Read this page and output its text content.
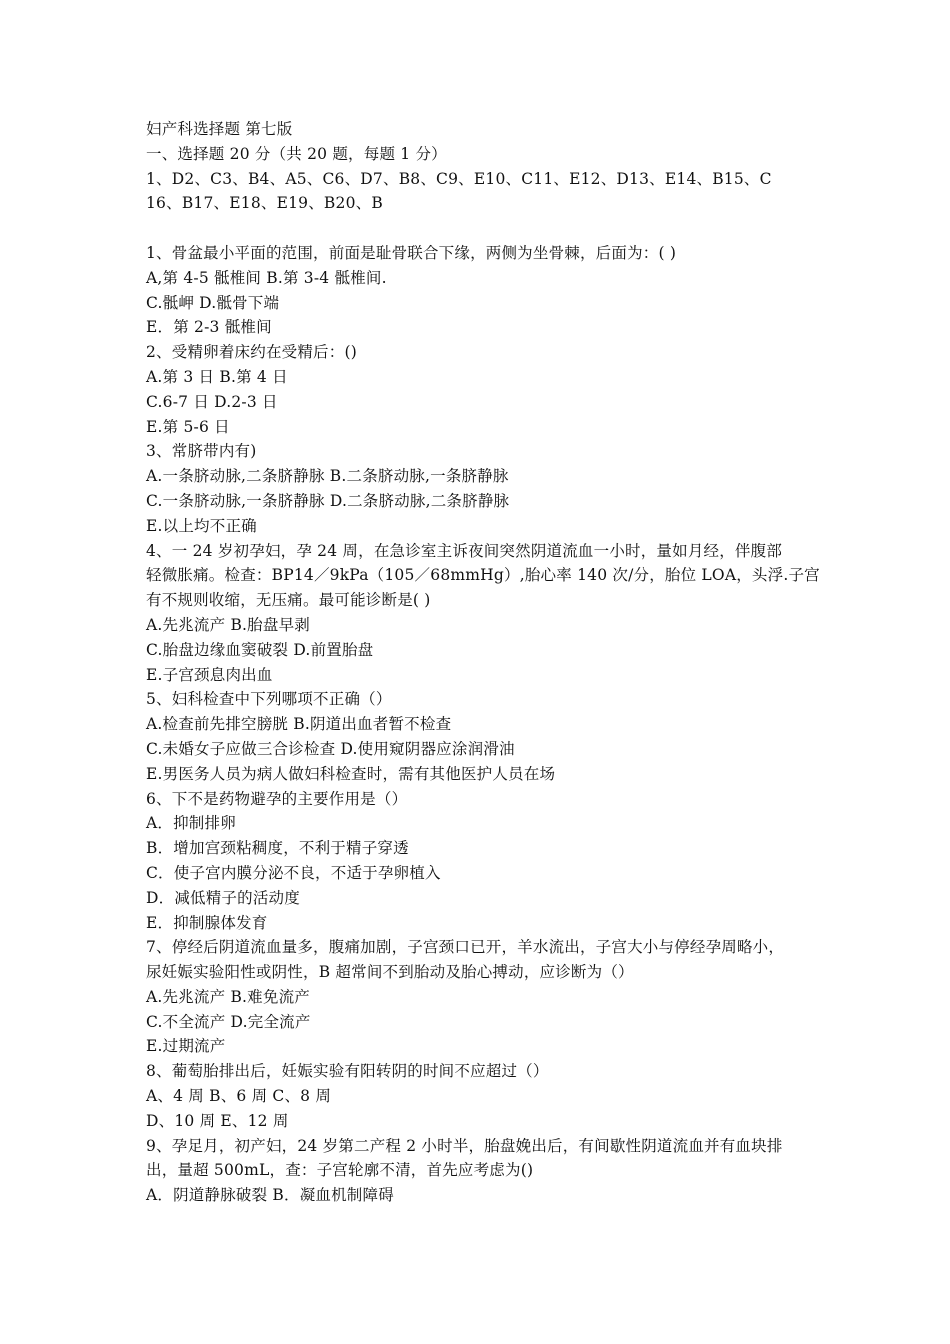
妇产科选择题 第七版
一、选择题 20 分（共 20 题，每题 1 分）
1、D2、C3、B4、A5、C6、D7、B8、C9、E10、C11、E12、D13、E14、B15、C
16、B17、E18、E19、B20、B
1、骨盆最小平面的范围，前面是耻骨联合下缘，两侧为坐骨棘，后面为：( )
A,第 4-5 骶椎间 B.第 3-4 骶椎间.
C.骶岬 D.骶骨下端
E．第 2-3 骶椎间
2、受精卵着床约在受精后：()
A.第 3 日 B.第 4 日
C.6-7 日 D.2-3 日
E.第 5-6 日
3、常脐带内有)
A.一条脐动脉,二条脐静脉 B.二条脐动脉,一条脐静脉
C.一条脐动脉,一条脐静脉 D.二条脐动脉,二条脐静脉
E.以上均不正确
4、一 24 岁初孕妇，孕 24 周，在急诊室主诉夜间突然阴道流血一小时，量如月经，伴腹部
轻微胀痛。检查：BP14／9kPa（105／68mmHg）,胎心率 140 次/分，胎位 LOA，头浮.子宫
有不规则收缩，无压痛。最可能诊断是( )
A.先兆流产 B.胎盘早剥
C.胎盘边缘血窦破裂 D.前置胎盘
E.子宫颈息肉出血
5、妇科检查中下列哪项不正确（）
A.检查前先排空膀胱 B.阴道出血者暂不检查
C.未婚女子应做三合诊检查 D.使用窥阴器应涂润滑油
E.男医务人员为病人做妇科检查时，需有其他医护人员在场
6、下不是药物避孕的主要作用是（）
A．抑制排卵
B．增加宫颈粘稠度，不利于精子穿透
C．使子宫内膜分泌不良，不适于孕卵植入
D．减低精子的活动度
E．抑制腺体发育
7、停经后阴道流血量多，腹痛加剧，子宫颈口已开，羊水流出，子宫大小与停经孕周略小，
尿妊娠实验阳性或阴性，B 超常间不到胎动及胎心搏动，应诊断为（）
A.先兆流产 B.难免流产
C.不全流产 D.完全流产
E.过期流产
8、葡萄胎排出后，妊娠实验有阳转阴的时间不应超过（）
A、4 周 B、6 周 C、8 周
D、10 周 E、12 周
9、孕足月，初产妇，24 岁第二产程 2 小时半，胎盘娩出后，有间歇性阴道流血并有血块排
出，量超 500mL，查：子宫轮廓不清，首先应考虑为()
A．阴道静脉破裂 B．凝血机制障碍
